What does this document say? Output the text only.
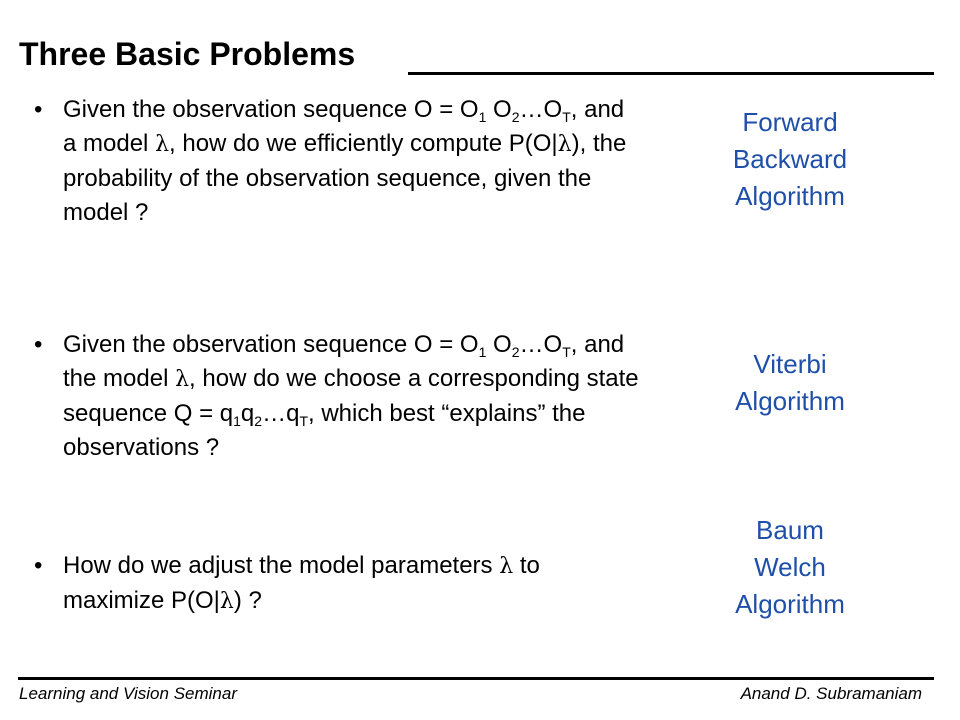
Three Basic Problems
• Given the observation sequence $O = O_1$ $O_2\dots O_T$, and a model λ, how do we efficiently compute P(O|λ), the probability of the observation sequence, given the model ?
• Given the observation sequence $O = O_1$ $O_2\dots O_T$, and the model λ, how do we choose a corresponding state sequence $Q = q_1q_2\dots q_T$, which best “explains” the observations ?
• How do we adjust the model parameters λ to maximize P(O|λ) ?
Forward
Backward
Algorithm
Viterbi
Algorithm
Baum
Welch
Algorithm
Learning and Vision Seminar	Anand D. Subramaniam
